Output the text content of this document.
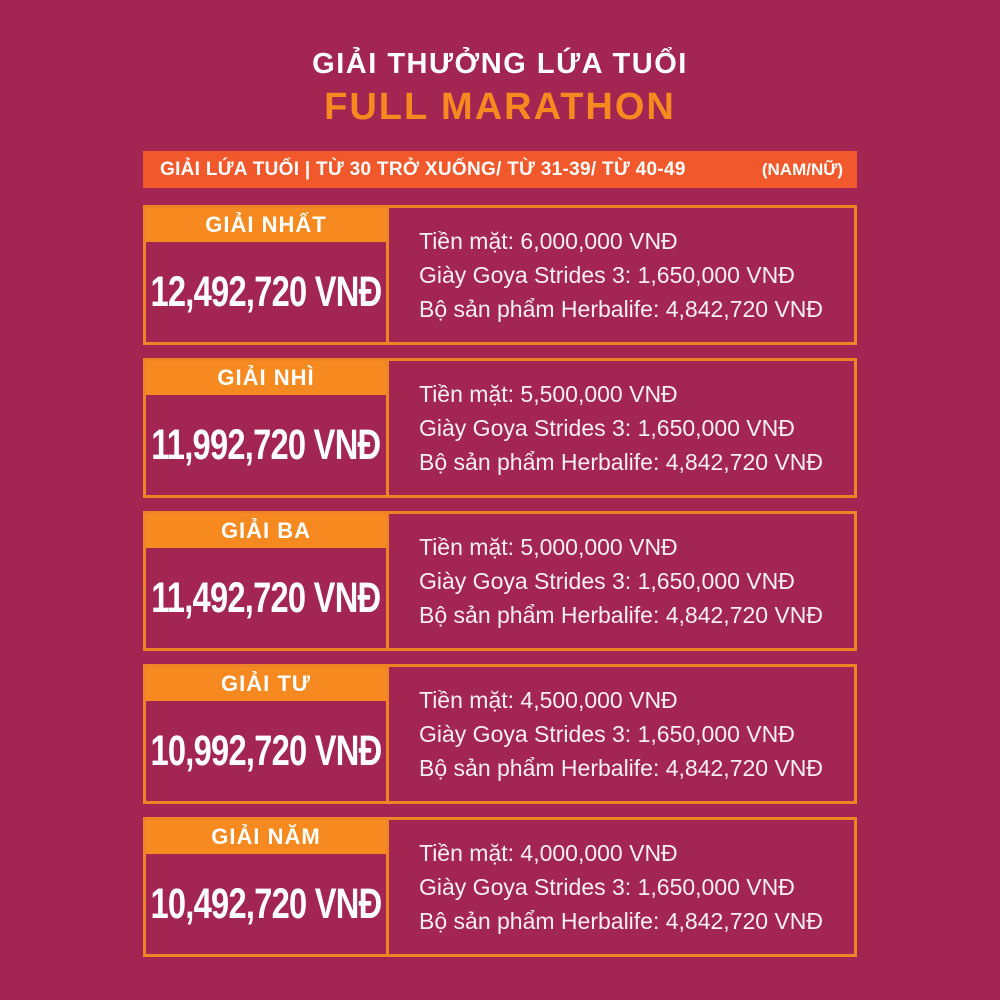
GIẢI THƯỞNG LỨA TUỔI
FULL MARATHON
GIẢI LỨA TUỔI | TỪ 30 TRỞ XUỐNG/ TỪ 31-39/ TỪ 40-49	(NAM/NỮ)
GIẢI NHẤT
12,492,720 VNĐ
Tiền mặt: 6,000,000 VNĐ
Giày Goya Strides 3: 1,650,000 VNĐ
Bộ sản phẩm Herbalife: 4,842,720 VNĐ
GIẢI NHÌ
11,992,720 VNĐ
Tiền mặt: 5,500,000 VNĐ
Giày Goya Strides 3: 1,650,000 VNĐ
Bộ sản phẩm Herbalife: 4,842,720 VNĐ
GIẢI BA
11,492,720 VNĐ
Tiền mặt: 5,000,000 VNĐ
Giày Goya Strides 3: 1,650,000 VNĐ
Bộ sản phẩm Herbalife: 4,842,720 VNĐ
GIẢI TƯ
10,992,720 VNĐ
Tiền mặt: 4,500,000 VNĐ
Giày Goya Strides 3: 1,650,000 VNĐ
Bộ sản phẩm Herbalife: 4,842,720 VNĐ
GIẢI NĂM
10,492,720 VNĐ
Tiền mặt: 4,000,000 VNĐ
Giày Goya Strides 3: 1,650,000 VNĐ
Bộ sản phẩm Herbalife: 4,842,720 VNĐ
